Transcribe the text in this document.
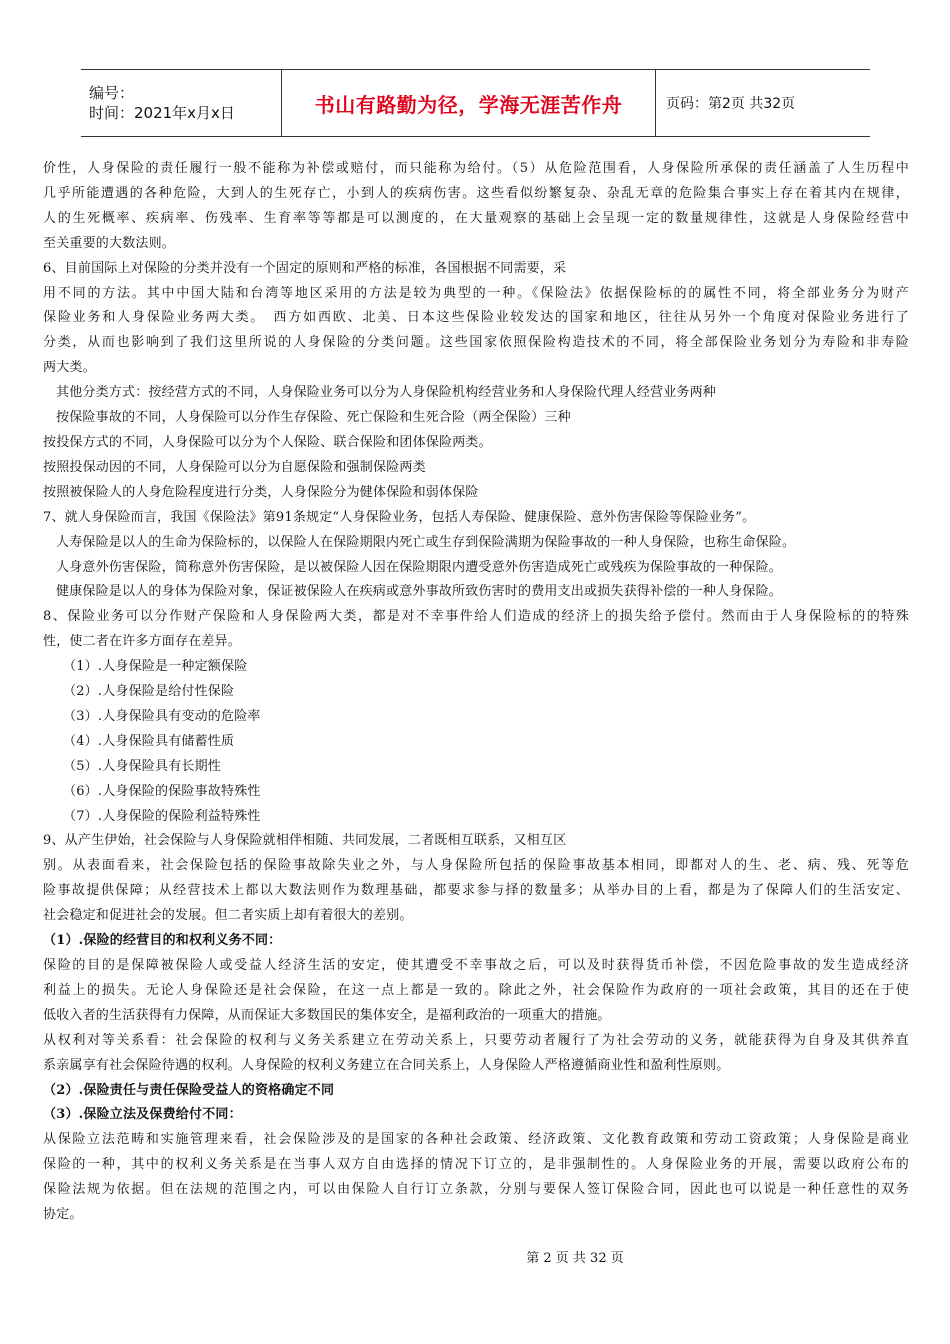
编号：
时间：2021年x月x日	书山有路勤为径，学海无涯苦作舟	页码：第2页 共32页

价性，人身保险的责任履行一般不能称为补偿或赔付，而只能称为给付。（5）从危险范围看，人身保险所承保的责任涵盖了人生历程中

几乎所能遭遇的各种危险，大到人的生死存亡，小到人的疾病伤害。这些看似纷繁复杂、杂乱无章的危险集合事实上存在着其内在规律，

人的生死概率、疾病率、伤残率、生育率等等都是可以测度的，在大量观察的基础上会呈现一定的数量规律性，这就是人身保险经营中

至关重要的大数法则。

6、目前国际上对保险的分类并没有一个固定的原则和严格的标准，各国根据不同需要，采

用不同的方法。其中中国大陆和台湾等地区采用的方法是较为典型的一种。《保险法》依据保险标的的属性不同，将全部业务分为财产

保险业务和人身保险业务两大类。　西方如西欧、北美、日本这些保险业较发达的国家和地区，往往从另外一个角度对保险业务进行了

分类，从而也影响到了我们这里所说的人身保险的分类问题。这些国家依照保险构造技术的不同，将全部保险业务划分为寿险和非寿险

两大类。

其他分类方式：按经营方式的不同，人身保险业务可以分为人身保险机构经营业务和人身保险代理人经营业务两种

按保险事故的不同，人身保险可以分作生存保险、死亡保险和生死合险（两全保险）三种

按投保方式的不同，人身保险可以分为个人保险、联合保险和团体保险两类。

按照投保动因的不同，人身保险可以分为自愿保险和强制保险两类

按照被保险人的人身危险程度进行分类，人身保险分为健体保险和弱体保险

7、就人身保险而言，我国《保险法》第91条规定“人身保险业务，包括人寿保险、健康保险、意外伤害保险等保险业务”。

人寿保险是以人的生命为保险标的，以保险人在保险期限内死亡或生存到保险满期为保险事故的一种人身保险，也称生命保险。

人身意外伤害保险，简称意外伤害保险，是以被保险人因在保险期限内遭受意外伤害造成死亡或残疾为保险事故的一种保险。

健康保险是以人的身体为保险对象，保证被保险人在疾病或意外事故所致伤害时的费用支出或损失获得补偿的一种人身保险。

8、保险业务可以分作财产保险和人身保险两大类，都是对不幸事件给人们造成的经济上的损失给予偿付。然而由于人身保险标的的特殊

性，使二者在许多方面存在差异。

（1）.人身保险是一种定额保险

（2）.人身保险是给付性保险

（3）.人身保险具有变动的危险率

（4）.人身保险具有储蓄性质

（5）.人身保险具有长期性

（6）.人身保险的保险事故特殊性

（7）.人身保险的保险利益特殊性

9、从产生伊始，社会保险与人身保险就相伴相随、共同发展，二者既相互联系，又相互区

别。从表面看来，社会保险包括的保险事故除失业之外，与人身保险所包括的保险事故基本相同，即都对人的生、老、病、残、死等危

险事故提供保障；从经营技术上都以大数法则作为数理基础，都要求参与择的数量多；从举办目的上看，都是为了保障人们的生活安定、

社会稳定和促进社会的发展。但二者实质上却有着很大的差别。

（1）.保险的经营目的和权利义务不同：

保险的目的是保障被保险人或受益人经济生活的安定，使其遭受不幸事故之后，可以及时获得货币补偿，不因危险事故的发生造成经济

利益上的损失。无论人身保险还是社会保险，在这一点上都是一致的。除此之外，社会保险作为政府的一项社会政策，其目的还在于使

低收入者的生活获得有力保障，从而保证大多数国民的集体安全，是福利政治的一项重大的措施。

从权利对等关系看：社会保险的权利与义务关系建立在劳动关系上，只要劳动者履行了为社会劳动的义务，就能获得为自身及其供养直

系亲属享有社会保险待遇的权利。人身保险的权利义务建立在合同关系上，人身保险人严格遵循商业性和盈利性原则。

（2）.保险责任与责任保险受益人的资格确定不同

（3）.保险立法及保费给付不同：

从保险立法范畴和实施管理来看，社会保险涉及的是国家的各种社会政策、经济政策、文化教育政策和劳动工资政策；人身保险是商业

保险的一种，其中的权利义务关系是在当事人双方自由选择的情况下订立的，是非强制性的。人身保险业务的开展，需要以政府公布的

保险法规为依据。但在法规的范围之内，可以由保险人自行订立条款，分别与要保人签订保险合同，因此也可以说是一种任意性的双务

协定。

第 2 页 共 32 页
